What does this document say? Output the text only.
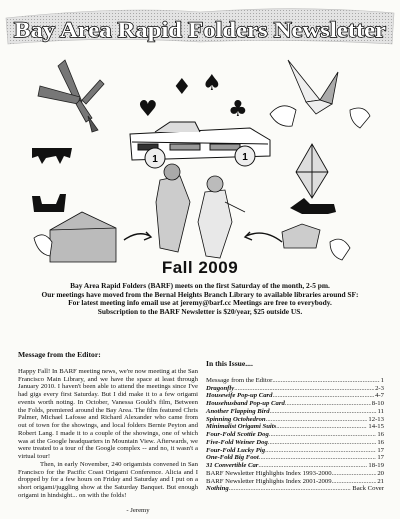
Bay Area Rapid Folders Newsletter
♥
♦ ♠
♣
1	1
Fall 2009
Bay Area Rapid Folders (BARF) meets on the first Saturday of the month, 2-5 pm.
Our meetings have moved from the Bernal Heights Branch Library to available libraries around SF:
For latest meeting info email use at jeremy@barf.cc Meetings are free to everybody.
Subscription to the BARF Newsletter is $20/year, $25 outside US.
Message from the Editor:

Happy Fall! In BARF meeting news, we're now meeting at the San Francisco Main Library, and we have the space at least through January 2010. I haven't been able to attend the meetings since I've had gigs every first Saturday. But I did make it to a few origami events worth noting. In October, Vanessa Gould's film, Between the Folds, premiered around the Bay Area. The film featured Chris Palmer, Michael Lafosse and Richard Alexander who came from out of town for the showings, and local folders Bernie Peyton and Robert Lang. I made it to a couple of the showings, one of which was at the Google headquarters in Mountain View. Afterwards, we were treated to a tour of the Google complex -- and no, it wasn't a virtual tour!

Then, in early November, 240 origamists convened in San Francisco for the Pacific Coast Origami Conference. Alicia and I dropped by for a few hours on Friday and Saturday and I put on a short origami/juggling show at the Saturday Banquet. But enough origami in hindsight... on with the folds!

- Jeremy
In this Issue....
Message from the Editor .....	1
Dragonfly .....	2-3
Housewife Pop-up Card .....	4-7
Househusband Pop-up Card .....	8-10
Another Flapping Bird .....	11
Spinning Octohedron .....	12-13
Minimalist Origami Suits .....	14-15
Four-Fold Scottie Dog .....	16
Five-Fold Weiner Dog .....	16
Four-Fold Lucky Pig .....	17
One-Fold Big Foot .....	17
31 Convertible Car .....	18-19
BARF Newsletter Highlights Index 1993-2000 .....	20
BARF Newsletter Highlights Index 2001-2009 .....	21
Nothing .....	Back Cover
